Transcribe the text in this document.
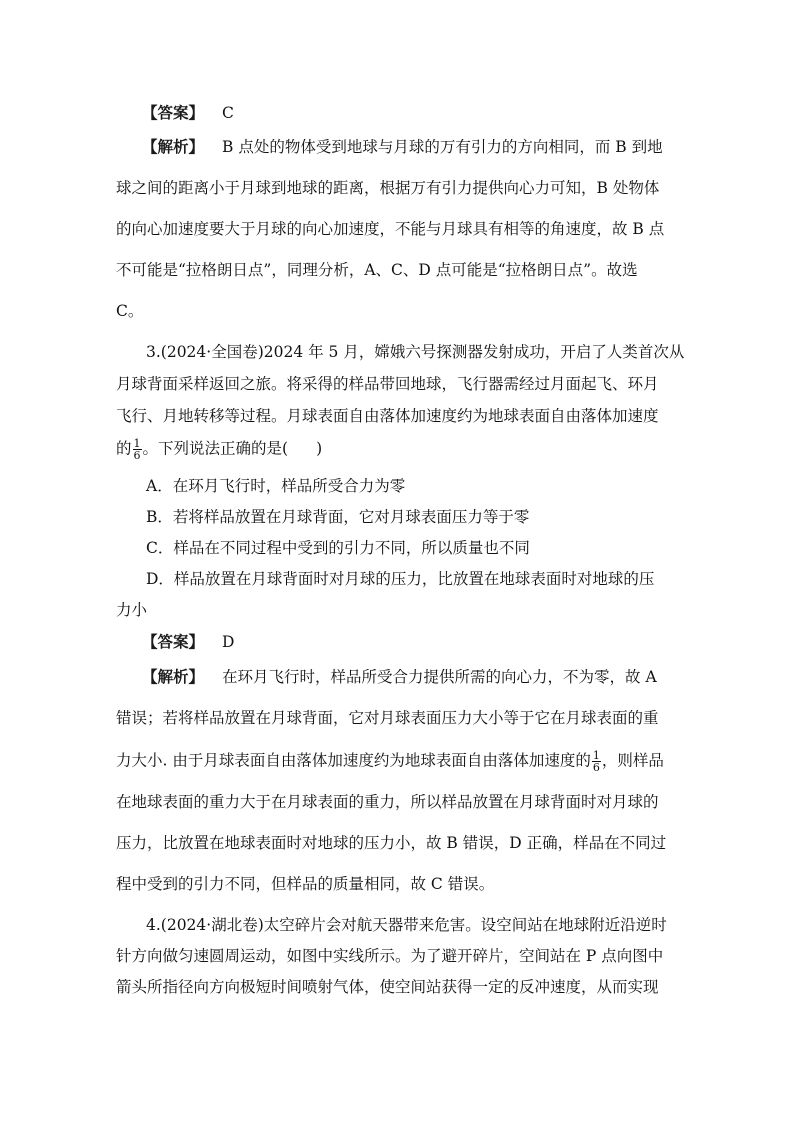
【答案】 C
【解析】 B 点处的物体受到地球与月球的万有引力的方向相同，而 B 到地
球之间的距离小于月球到地球的距离，根据万有引力提供向心力可知，B 处物体
的向心加速度要大于月球的向心加速度，不能与月球具有相等的角速度，故 B 点
不可能是“拉格朗日点”，同理分析，A、C、D 点可能是“拉格朗日点”。故选
C。
3.(2024·全国卷)2024 年 5 月，嫦娥六号探测器发射成功，开启了人类首次从
月球背面采样返回之旅。将采得的样品带回地球，飞行器需经过月面起飞、环月
飞行、月地转移等过程。月球表面自由落体加速度约为地球表面自由落体加速度
的 $\frac{1}{6}$ 。下列说法正确的是( )
A．在环月飞行时，样品所受合力为零
B．若将样品放置在月球背面，它对月球表面压力等于零
C．样品在不同过程中受到的引力不同，所以质量也不同
D．样品放置在月球背面时对月球的压力，比放置在地球表面时对地球的压
力小
【答案】 D
【解析】 在环月飞行时，样品所受合力提供所需的向心力，不为零，故 A
错误；若将样品放置在月球背面，它对月球表面压力大小等于它在月球表面的重
力大小. 由于月球表面自由落体加速度约为地球表面自由落体加速度的 $\frac{1}{6}$ ，则样品
在地球表面的重力大于在月球表面的重力，所以样品放置在月球背面时对月球的
压力，比放置在地球表面时对地球的压力小，故 B 错误，D 正确，样品在不同过
程中受到的引力不同，但样品的质量相同，故 C 错误。
4.(2024·湖北卷)太空碎片会对航天器带来危害。设空间站在地球附近沿逆时
针方向做匀速圆周运动，如图中实线所示。为了避开碎片，空间站在 P 点向图中
箭头所指径向方向极短时间喷射气体，使空间站获得一定的反冲速度，从而实现
